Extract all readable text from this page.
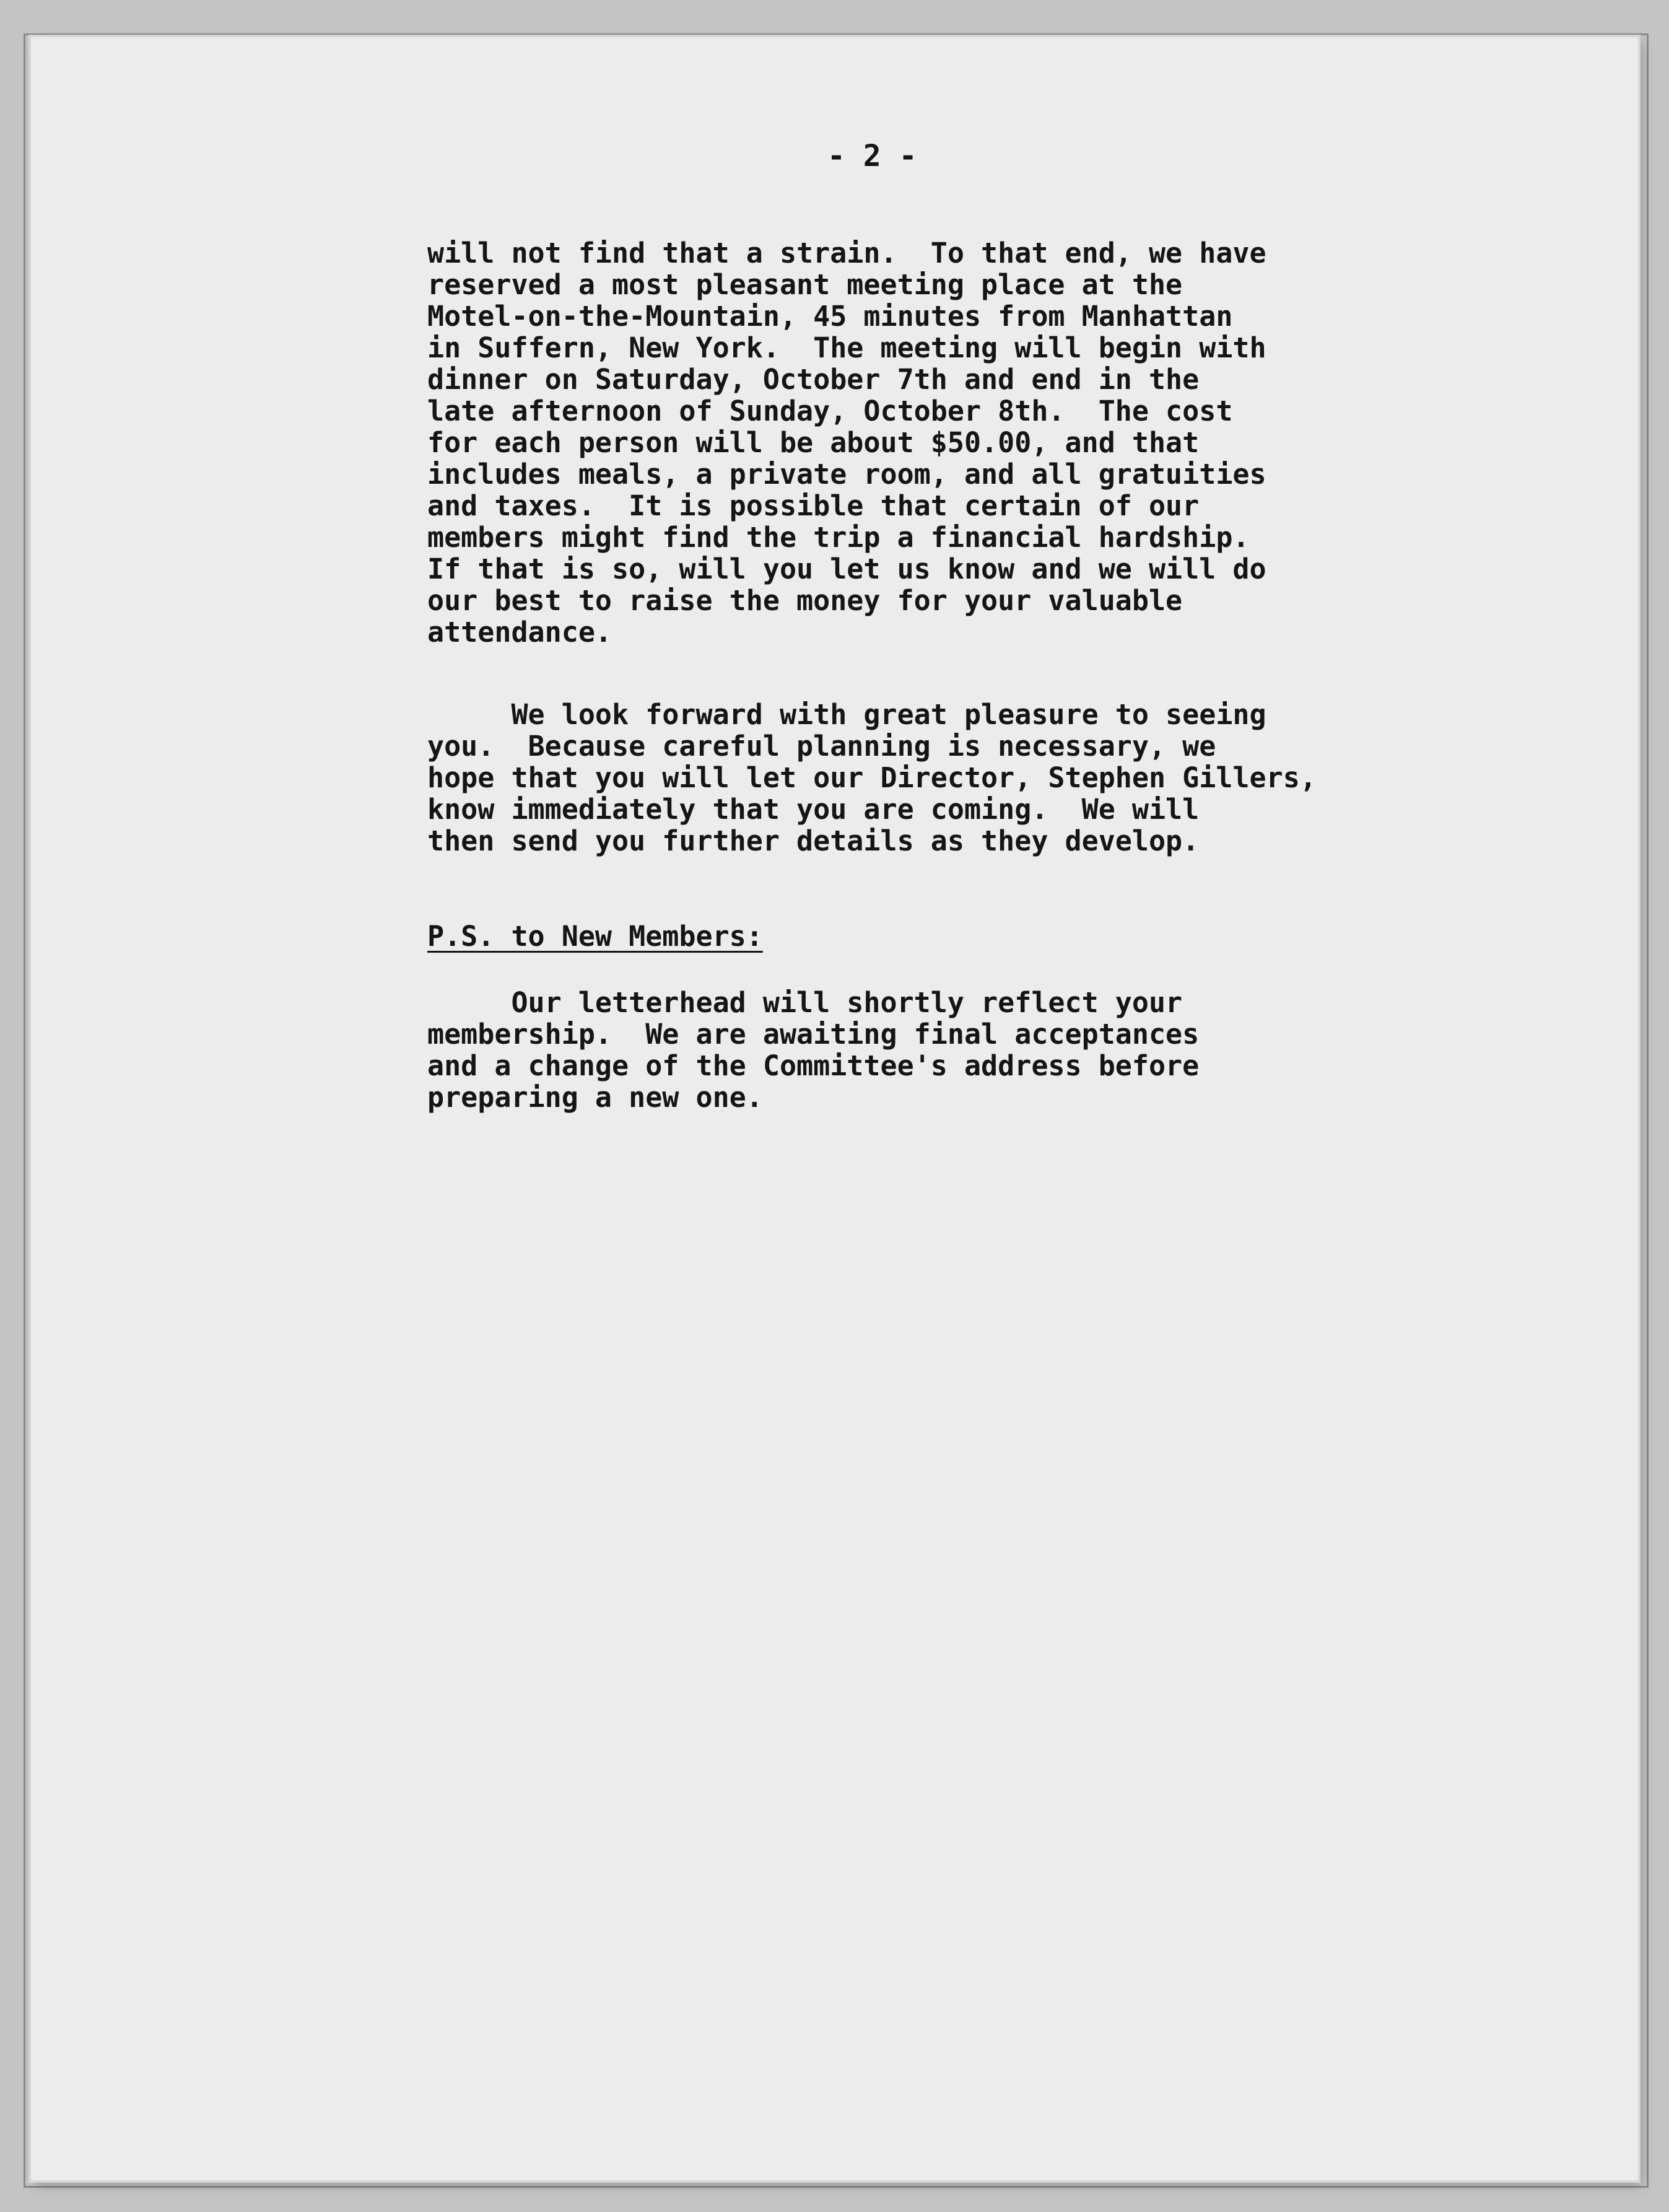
- 2 -
will not find that a strain.  To that end, we have
reserved a most pleasant meeting place at the
Motel-on-the-Mountain, 45 minutes from Manhattan
in Suffern, New York.  The meeting will begin with
dinner on Saturday, October 7th and end in the
late afternoon of Sunday, October 8th.  The cost
for each person will be about $50.00, and that
includes meals, a private room, and all gratuities
and taxes.  It is possible that certain of our
members might find the trip a financial hardship.
If that is so, will you let us know and we will do
our best to raise the money for your valuable
attendance.
We look forward with great pleasure to seeing
you.  Because careful planning is necessary, we
hope that you will let our Director, Stephen Gillers,
know immediately that you are coming.  We will
then send you further details as they develop.
P.S. to New Members:
Our letterhead will shortly reflect your
membership.  We are awaiting final acceptances
and a change of the Committee's address before
preparing a new one.
